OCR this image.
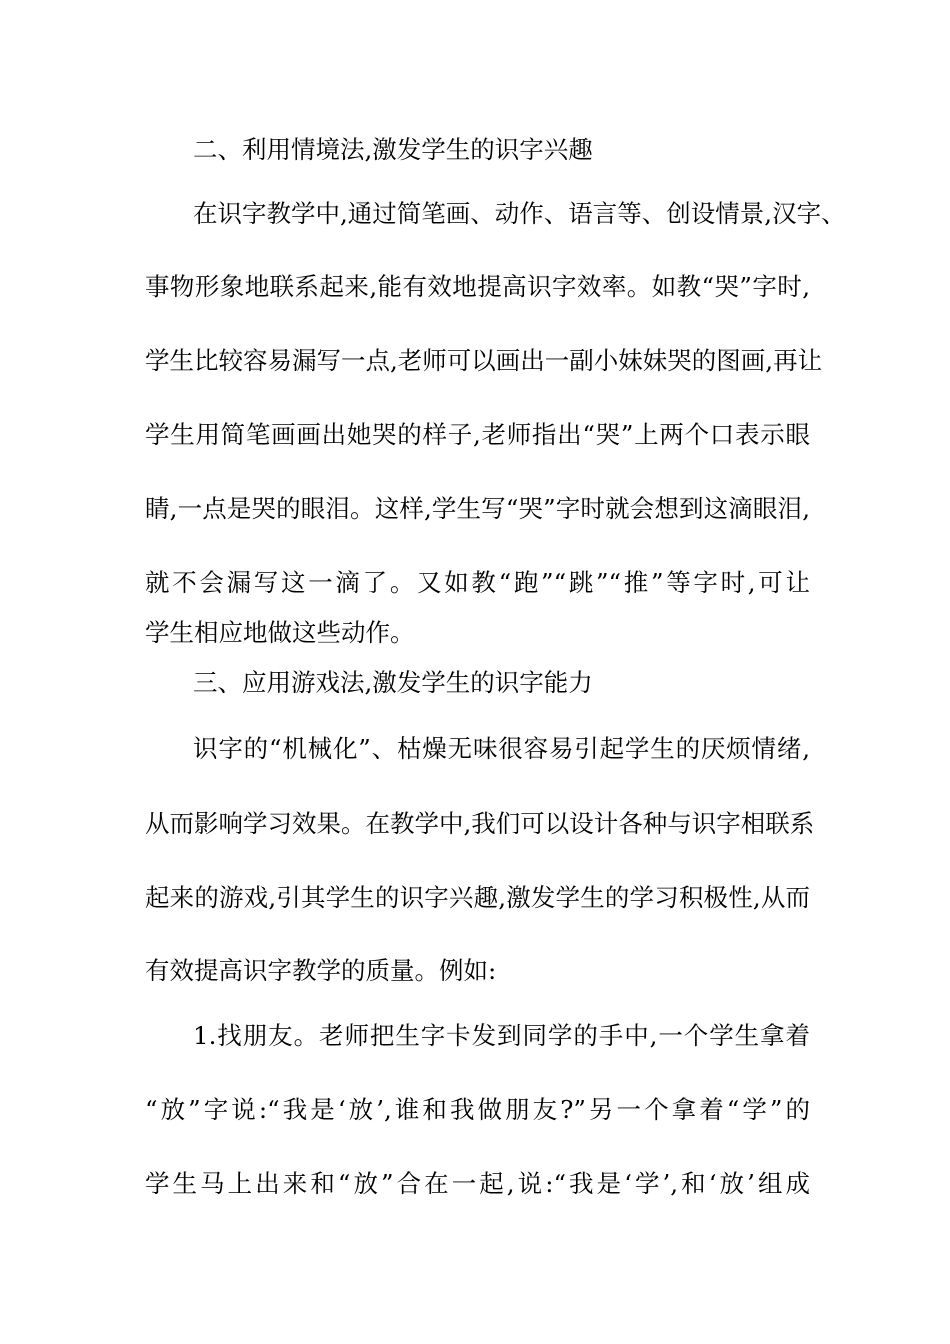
二、利用情境法,激发学生的识字兴趣
在识字教学中,通过简笔画、动作、语言等、创设情景,汉字、
事物形象地联系起来,能有效地提高识字效率。如教“哭”字时,
学生比较容易漏写一点,老师可以画出一副小妹妹哭的图画,再让
学生用简笔画画出她哭的样子,老师指出“哭”上两个口表示眼
睛,一点是哭的眼泪。这样,学生写“哭”字时就会想到这滴眼泪,
就不会漏写这一滴了。又如教“跑”“跳”“推”等字时,可让
学生相应地做这些动作。
三、应用游戏法,激发学生的识字能力
识字的“机械化”、枯燥无味很容易引起学生的厌烦情绪,
从而影响学习效果。在教学中,我们可以设计各种与识字相联系
起来的游戏,引其学生的识字兴趣,激发学生的学习积极性,从而
有效提高识字教学的质量。例如:
1.找朋友。老师把生字卡发到同学的手中,一个学生拿着
“放”字说:“我是‘放’,谁和我做朋友?”另一个拿着“学”的
学生马上出来和“放”合在一起,说:“我是‘学’,和‘放’组成
